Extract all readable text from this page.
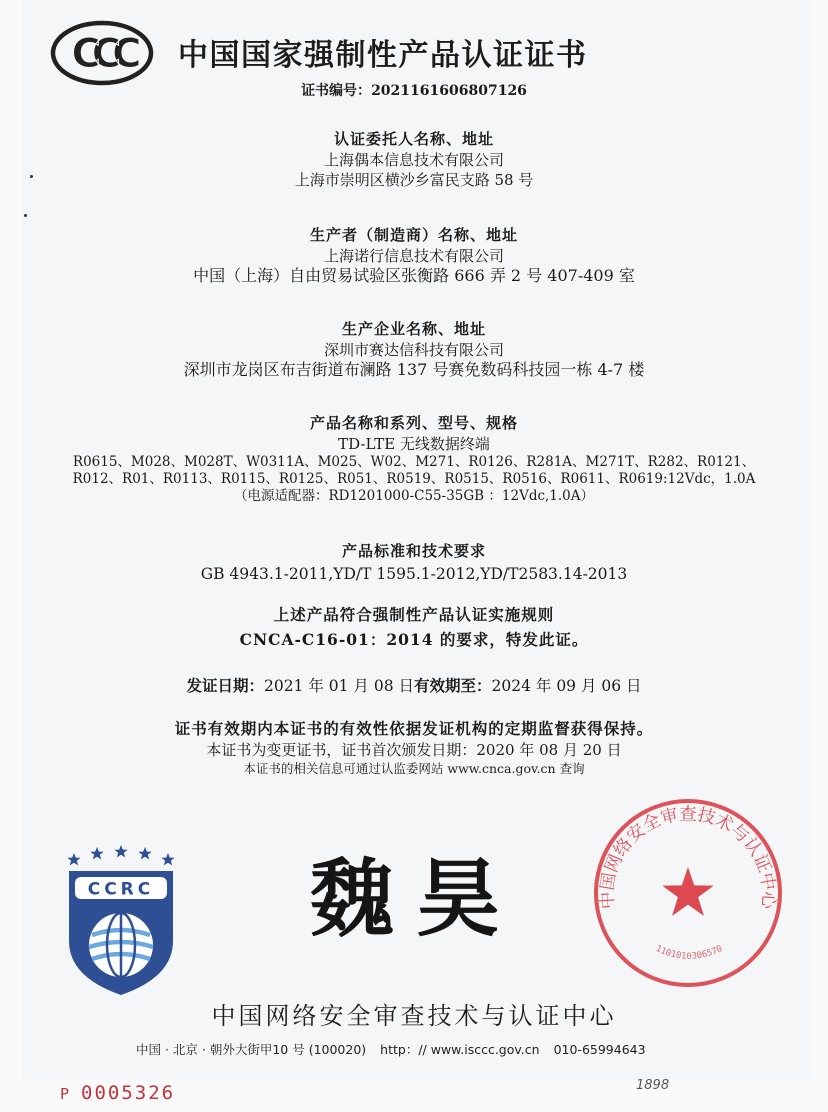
CCC 中国国家强制性产品认证证书
证书编号：2021161606807126
认证委托人名称、地址
上海偶本信息技术有限公司
上海市崇明区横沙乡富民支路 58 号
生产者（制造商）名称、地址
上海诺行信息技术有限公司
中国（上海）自由贸易试验区张衡路 666 弄 2 号 407-409 室
生产企业名称、地址
深圳市赛达信科技有限公司
深圳市龙岗区布吉街道布澜路 137 号赛免数码科技园一栋 4-7 楼
产品名称和系列、型号、规格
TD-LTE 无线数据终端
R0615、M028、M028T、W0311A、M025、W02、M271、R0126、R281A、M271T、R282、R0121、
R012、R01、R0113、R0115、R0125、R051、R0519、R0515、R0516、R0611、R0619:12Vdc，1.0A
（电源适配器：RD1201000-C55-35GB ：12Vdc,1.0A）
产品标准和技术要求
GB 4943.1-2011,YD/T 1595.1-2012,YD/T2583.14-2013
上述产品符合强制性产品认证实施规则
CNCA-C16-01：2014 的要求，特发此证。
发证日期：2021 年 01 月 08 日有效期至：2024 年 09 月 06 日
证书有效期内本证书的有效性依据发证机构的定期监督获得保持。
本证书为变更证书，证书首次颁发日期：2020 年 08 月 20 日
本证书的相关信息可通过认监委网站 www.cnca.gov.cn 查询
CCRC 魏昊	中国网络安全审查技术与认证中心
1101010306570
中国网络安全审查技术与认证中心
中国 · 北京 · 朝外大街甲10 号 (100020) http：// www.isccc.gov.cn 010-65994643
P 0005326	1898
